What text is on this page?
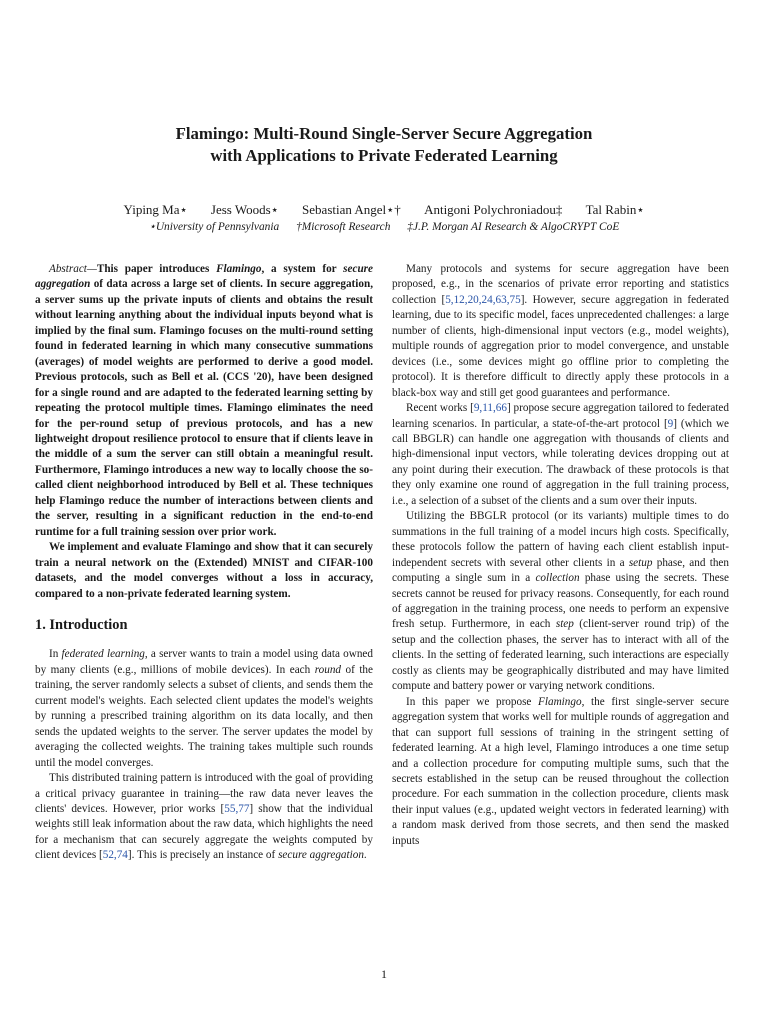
Flamingo: Multi-Round Single-Server Secure Aggregation
with Applications to Private Federated Learning
Yiping Ma⋆ Jess Woods⋆ Sebastian Angel⋆† Antigoni Polychroniadou‡ Tal Rabin⋆
⋆University of Pennsylvania †Microsoft Research ‡J.P. Morgan AI Research & AlgoCRYPT CoE

Abstract—This paper introduces Flamingo, a system for secure aggregation of data across a large set of clients. In secure aggregation, a server sums up the private inputs of clients and obtains the result without learning anything about the individual inputs beyond what is implied by the final sum. Flamingo focuses on the multi-round setting found in federated learning in which many consecutive summations (averages) of model weights are performed to derive a good model. Previous protocols, such as Bell et al. (CCS '20), have been designed for a single round and are adapted to the federated learning setting by repeating the protocol multiple times. Flamingo eliminates the need for the per-round setup of previous protocols, and has a new lightweight dropout resilience protocol to ensure that if clients leave in the middle of a sum the server can still obtain a meaningful result. Furthermore, Flamingo introduces a new way to locally choose the so-called client neighborhood introduced by Bell et al. These techniques help Flamingo reduce the number of interactions between clients and the server, resulting in a significant reduction in the end-to-end runtime for a full training session over prior work.

We implement and evaluate Flamingo and show that it can securely train a neural network on the (Extended) MNIST and CIFAR-100 datasets, and the model converges without a loss in accuracy, compared to a non-private federated learning system.

1. Introduction

In federated learning, a server wants to train a model using data owned by many clients (e.g., millions of mobile devices). In each round of the training, the server randomly selects a subset of clients, and sends them the current model's weights. Each selected client updates the model's weights by running a prescribed training algorithm on its data locally, and then sends the updated weights to the server. The server updates the model by averaging the collected weights. The training takes multiple such rounds until the model converges.

This distributed training pattern is introduced with the goal of providing a critical privacy guarantee in training—the raw data never leaves the clients' devices. However, prior works [55,77] show that the individual weights still leak information about the raw data, which highlights the need for a mechanism that can securely aggregate the weights computed by client devices [52,74]. This is precisely an instance of secure aggregation.

Many protocols and systems for secure aggregation have been proposed, e.g., in the scenarios of private error reporting and statistics collection [5,12,20,24,63,75]. However, secure aggregation in federated learning, due to its specific model, faces unprecedented challenges: a large number of clients, high-dimensional input vectors (e.g., model weights), multiple rounds of aggregation prior to model convergence, and unstable devices (i.e., some devices might go offline prior to completing the protocol). It is therefore difficult to directly apply these protocols in a black-box way and still get good guarantees and performance.

Recent works [9,11,66] propose secure aggregation tailored to federated learning scenarios. In particular, a state-of-the-art protocol [9] (which we call BBGLR) can handle one aggregation with thousands of clients and high-dimensional input vectors, while tolerating devices dropping out at any point during their execution. The drawback of these protocols is that they only examine one round of aggregation in the full training process, i.e., a selection of a subset of the clients and a sum over their inputs.

Utilizing the BBGLR protocol (or its variants) multiple times to do summations in the full training of a model incurs high costs. Specifically, these protocols follow the pattern of having each client establish input-independent secrets with several other clients in a setup phase, and then computing a single sum in a collection phase using the secrets. These secrets cannot be reused for privacy reasons. Consequently, for each round of aggregation in the training process, one needs to perform an expensive fresh setup. Furthermore, in each step (client-server round trip) of the setup and the collection phases, the server has to interact with all of the clients. In the setting of federated learning, such interactions are especially costly as clients may be geographically distributed and may have limited compute and battery power or varying network conditions.

In this paper we propose Flamingo, the first single-server secure aggregation system that works well for multiple rounds of aggregation and that can support full sessions of training in the stringent setting of federated learning. At a high level, Flamingo introduces a one time setup and a collection procedure for computing multiple sums, such that the secrets established in the setup can be reused throughout the collection procedure. For each summation in the collection procedure, clients mask their input values (e.g., updated weight vectors in federated learning) with a random mask derived from those secrets, and then send the masked inputs

1
